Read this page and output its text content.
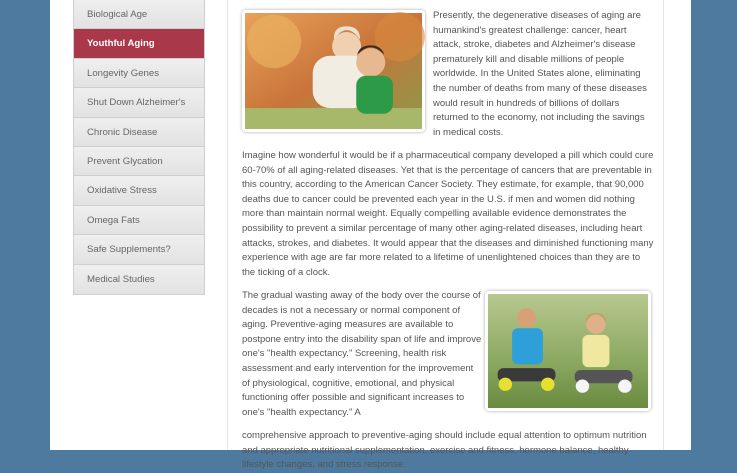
Biological Age
Youthful Aging
Longevity Genes
Shut Down Alzheimer's
Chronic Disease
Prevent Glycation
Oxidative Stress
Omega Fats
Safe Supplements?
Medical Studies

Presently, the degenerative diseases of aging are humankind's greatest challenge: cancer, heart attack, stroke, diabetes and Alzheimer's disease prematurely kill and disable millions of people worldwide. In the United States alone, eliminating the number of deaths from many of these diseases would result in hundreds of billions of dollars returned to the economy, not including the savings in medical costs.

Imagine how wonderful it would be if a pharmaceutical company developed a pill which could cure 60-70% of all aging-related diseases. Yet that is the percentage of cancers that are preventable in this country, according to the American Cancer Society. They estimate, for example, that 90,000 deaths due to cancer could be prevented each year in the U.S. if men and women did nothing more than maintain normal weight. Equally compelling available evidence demonstrates the possibility to prevent a similar percentage of many other aging-related diseases, including heart attacks, strokes, and diabetes. It would appear that the diseases and diminished functioning many experience with age are far more related to a lifetime of unenlightened choices than they are to the ticking of a clock.

The gradual wasting away of the body over the course of decades is not a necessary or normal component of aging. Preventive-aging measures are available to postpone entry into the disability span of life and improve one's "health expectancy." Screening, health risk assessment and early intervention for the improvement of physiological, cognitive, emotional, and physical functioning offer possible and significant increases to one's "health expectancy." A

comprehensive approach to preventive-aging should include equal attention to optimum nutrition and appropriate nutritional supplementation, exercise and fitness, hormone balance, healthy lifestyle changes, and stress response.
